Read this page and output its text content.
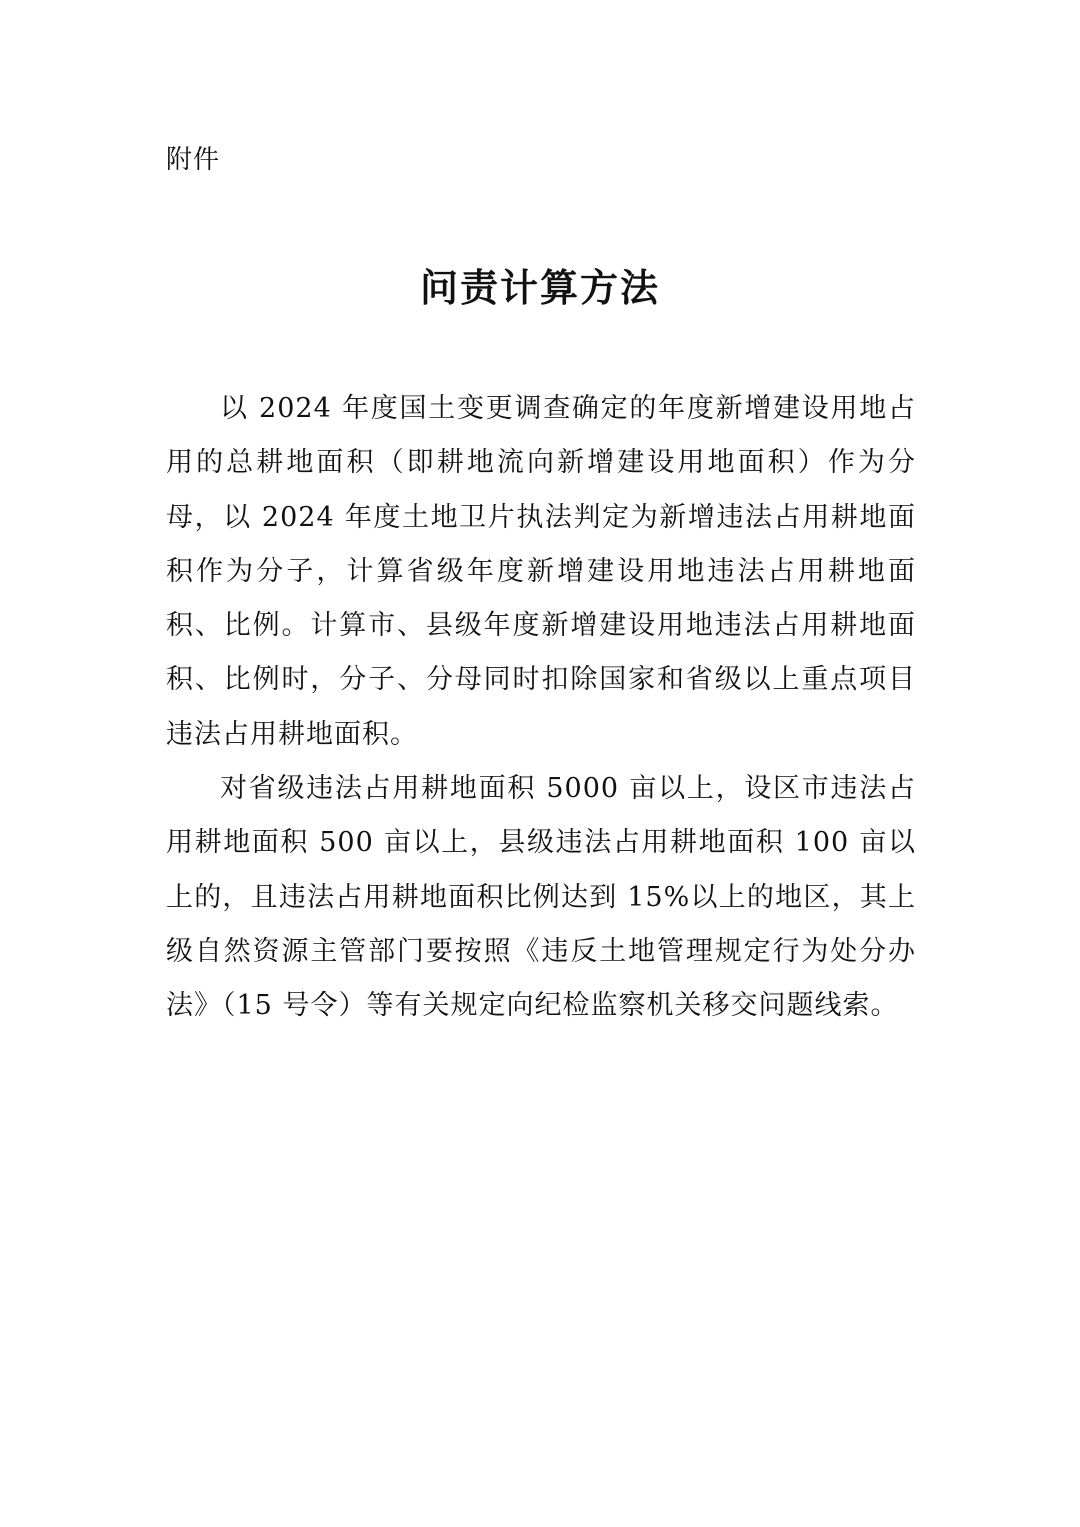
附件
问责计算方法

以 2024 年度国土变更调查确定的年度新增建设用地占用的总耕地面积（即耕地流向新增建设用地面积）作为分母，以 2024 年度土地卫片执法判定为新增违法占用耕地面积作为分子，计算省级年度新增建设用地违法占用耕地面积、比例。计算市、县级年度新增建设用地违法占用耕地面积、比例时，分子、分母同时扣除国家和省级以上重点项目违法占用耕地面积。

对省级违法占用耕地面积 5000 亩以上，设区市违法占用耕地面积 500 亩以上，县级违法占用耕地面积 100 亩以上的，且违法占用耕地面积比例达到 15%以上的地区，其上级自然资源主管部门要按照《违反土地管理规定行为处分办法》（15 号令）等有关规定向纪检监察机关移交问题线索。
